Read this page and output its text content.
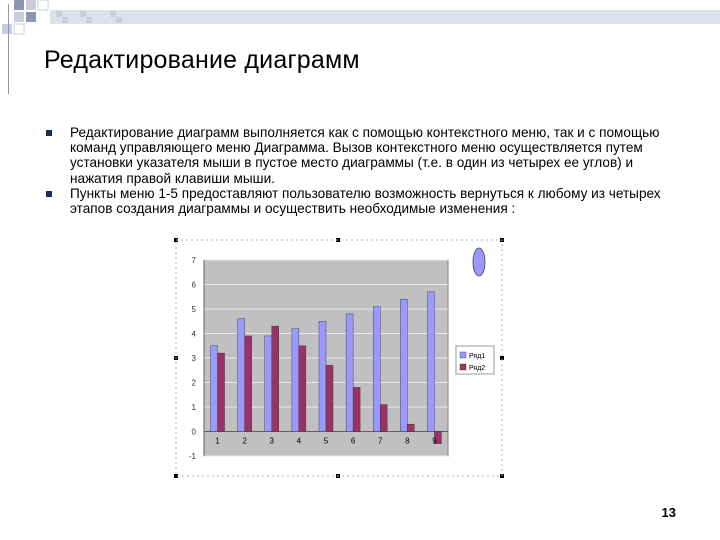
Редактирование диаграмм
Редактирование диаграмм выполняется как с помощью контекстного меню, так и с помощью команд управляющего меню Диаграмма. Вызов контекстного меню осуществляется путем установки указателя мыши в пустое место диаграммы (т.е. в один из четырех ее углов) и нажатия правой клавиши мыши.
Пункты меню 1-5 предоставляют пользователю возможность вернуться к любому из четырех этапов создания диаграммы и осуществить необходимые изменения :
-1
0
1
2
3
4
5
6
7
1	2	3	4	5	6	7	8	9
Ряд1
Ряд2
13
